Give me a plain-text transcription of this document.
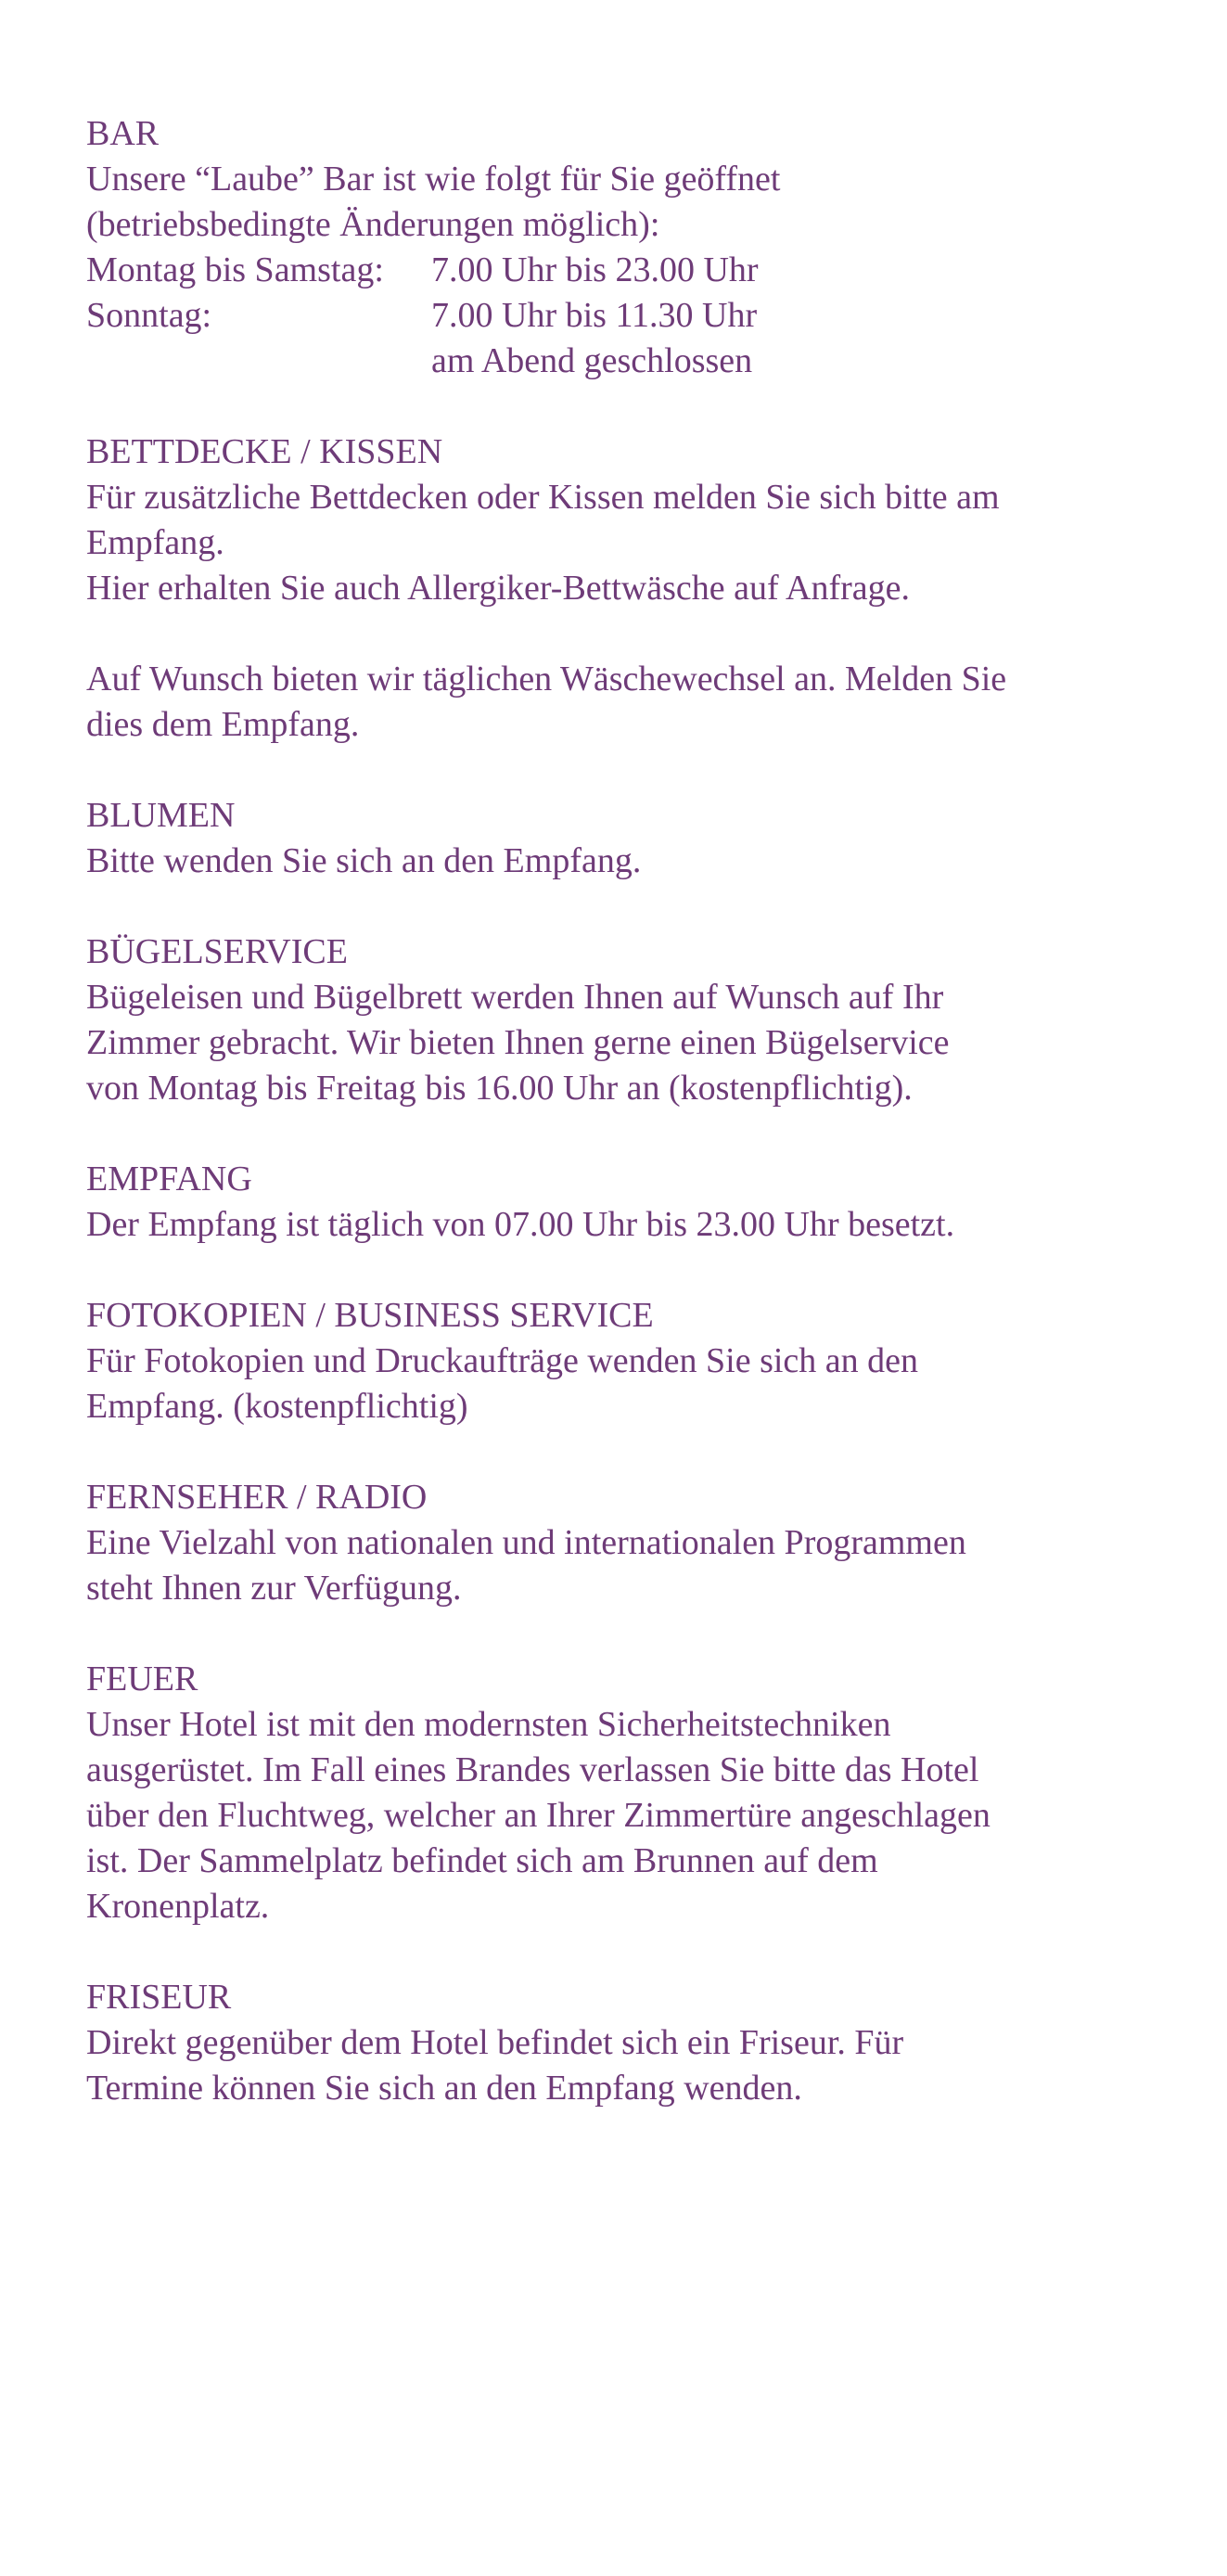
BAR
Unsere “Laube” Bar ist wie folgt für Sie geöffnet
(betriebsbedingte Änderungen möglich):
Montag bis Samstag:	7.00 Uhr bis 23.00 Uhr
Sonntag:	7.00 Uhr bis 11.30 Uhr
am Abend geschlossen
BETTDECKE / KISSEN
Für zusätzliche Bettdecken oder Kissen melden Sie sich bitte am
Empfang.
Hier erhalten Sie auch Allergiker-Bettwäsche auf Anfrage.
Auf Wunsch bieten wir täglichen Wäschewechsel an. Melden Sie
dies dem Empfang.
BLUMEN
Bitte wenden Sie sich an den Empfang.
BÜGELSERVICE
Bügeleisen und Bügelbrett werden Ihnen auf Wunsch auf Ihr
Zimmer gebracht. Wir bieten Ihnen gerne einen Bügelservice
von Montag bis Freitag bis 16.00 Uhr an (kostenpflichtig).
EMPFANG
Der Empfang ist täglich von 07.00 Uhr bis 23.00 Uhr besetzt.
FOTOKOPIEN / BUSINESS SERVICE
Für Fotokopien und Druckaufträge wenden Sie sich an den
Empfang. (kostenpflichtig)
FERNSEHER / RADIO
Eine Vielzahl von nationalen und internationalen Programmen
steht Ihnen zur Verfügung.
FEUER
Unser Hotel ist mit den modernsten Sicherheitstechniken
ausgerüstet. Im Fall eines Brandes verlassen Sie bitte das Hotel
über den Fluchtweg, welcher an Ihrer Zimmertüre angeschlagen
ist. Der Sammelplatz befindet sich am Brunnen auf dem
Kronenplatz.
FRISEUR
Direkt gegenüber dem Hotel befindet sich ein Friseur. Für
Termine können Sie sich an den Empfang wenden.
